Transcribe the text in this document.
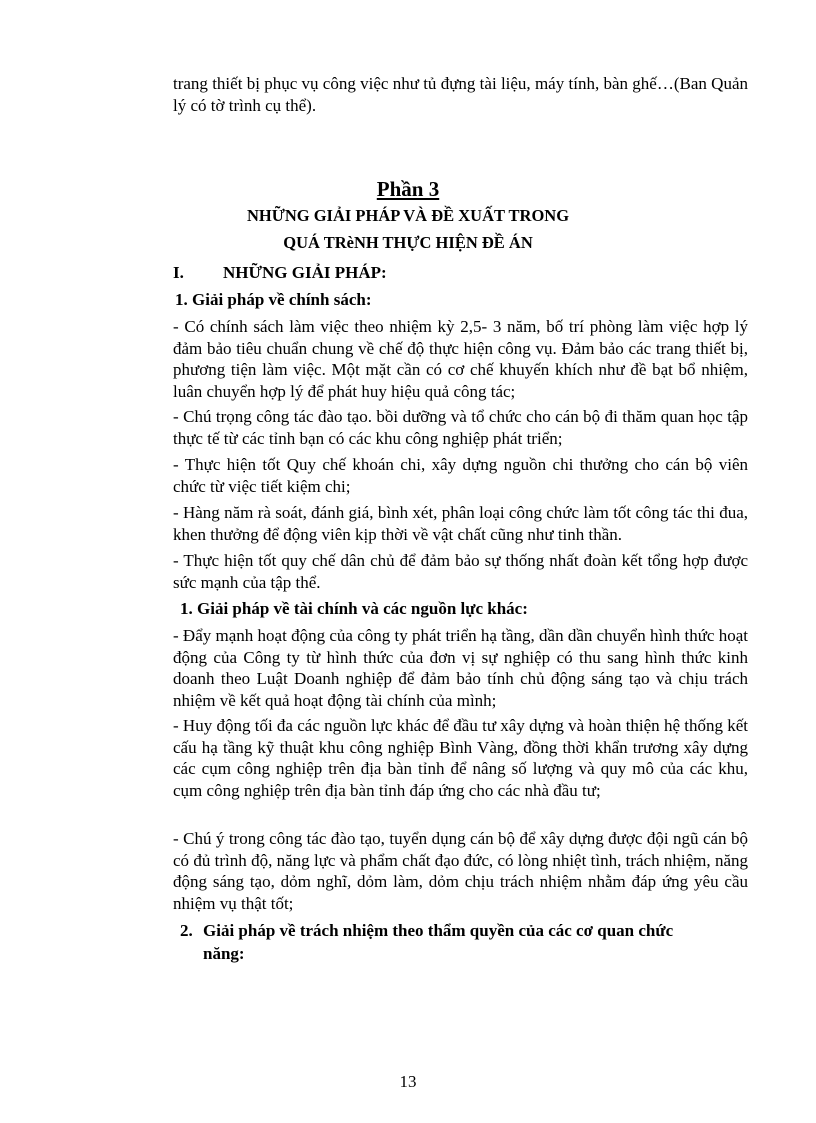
trang thiết bị phục vụ công việc như tủ đựng tài liệu, máy tính, bàn ghế…(Ban Quản lý có tờ trình cụ thể).

Phần 3

NHỮNG GIẢI PHÁP VÀ ĐỀ XUẤT TRONG

QUÁ TRèNH THỰC HIỆN ĐỀ ÁN

I. NHỮNG GIẢI PHÁP:

1. Giải pháp về chính sách:

- Có chính sách làm việc theo nhiệm kỳ 2,5- 3 năm, bố trí phòng làm việc hợp lý đảm bảo tiêu chuẩn chung về chế độ thực hiện công vụ. Đảm bảo các trang thiết bị, phương tiện làm việc. Một mặt cần có cơ chế khuyến khích như đề bạt bổ nhiệm, luân chuyển hợp lý để phát huy hiệu quả công tác;

- Chú trọng công tác đào tạo. bồi dưỡng và tổ chức cho cán bộ đi thăm quan học tập thực tế từ các tỉnh bạn có các khu công nghiệp phát triển;

- Thực hiện tốt Quy chế khoán chi, xây dựng nguồn chi thưởng cho cán bộ viên chức từ việc tiết kiệm chi;

- Hàng năm rà soát, đánh giá, bình xét, phân loại công chức làm tốt công tác thi đua, khen thưởng để động viên kịp thời về vật chất cũng như tinh thần.

- Thực hiện tốt quy chế dân chủ để đảm bảo sự thống nhất đoàn kết tổng hợp được sức mạnh của tập thể.

1. Giải pháp về tài chính và các nguồn lực khác:

- Đẩy mạnh hoạt động của công ty phát triển hạ tầng, dần dần chuyển hình thức hoạt động của Công ty từ hình thức của đơn vị sự nghiệp có thu sang hình thức kinh doanh theo Luật Doanh nghiệp để đảm bảo tính chủ động sáng tạo và chịu trách nhiệm về kết quả hoạt động tài chính của mình;

- Huy động tối đa các nguồn lực khác để đầu tư xây dựng và hoàn thiện hệ thống kết cấu hạ tầng kỹ thuật khu công nghiệp Bình Vàng, đồng thời khẩn trương xây dựng các cụm công nghiệp trên địa bàn tỉnh để nâng số lượng và quy mô của các khu, cụm công nghiệp trên địa bàn tỉnh đáp ứng cho các nhà đầu tư;

- Chú ý trong công tác đào tạo, tuyển dụng cán bộ để xây dựng được đội ngũ cán bộ có đủ trình độ, năng lực và phẩm chất đạo đức, có lòng nhiệt tình, trách nhiệm, năng động sáng tạo, dỏm nghĩ, dỏm làm, dỏm chịu trách nhiệm nhằm đáp ứng yêu cầu nhiệm vụ thật tốt;

2. Giải pháp về trách nhiệm theo thẩm quyền của các cơ quan chức

năng:

13
